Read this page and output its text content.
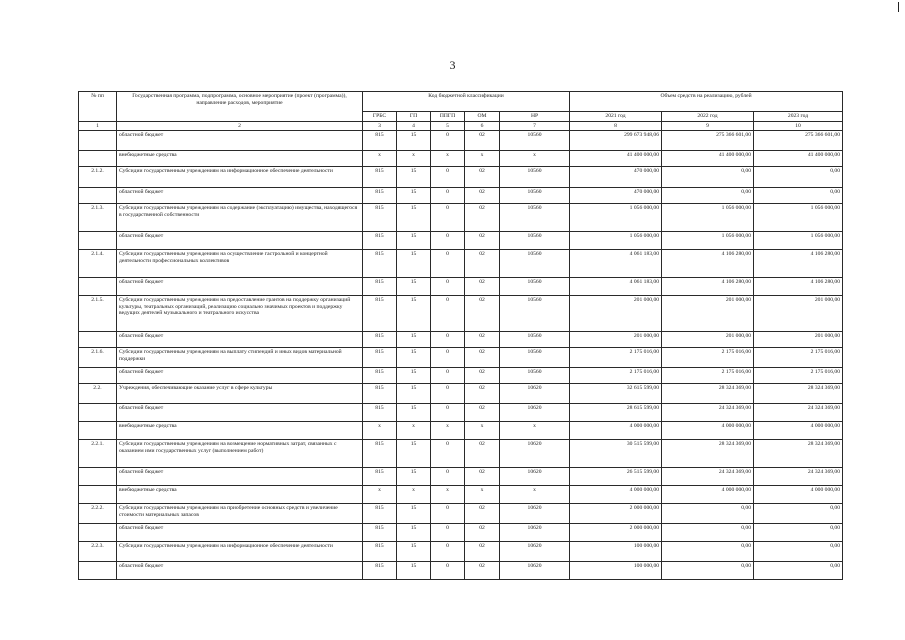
3
№ пп	Государственная программа, подпрограмма, основное мероприятие (проект (программа)), направление расходов, мероприятие	Код бюджетной классификации					Объем средств на реализацию, рублей		
		ГРБС	ГП	ППГП	ОМ	НР	2021 год	2022 год	2023 год
1	2	3	4	5	6	7	8	9	10
	областной бюджет	815	15	0	02	10560	299 673 948,06	275 366 601,00	275 366 601,00
	внебюджетные средства	х	х	х	х	х	41 400 000,00	41 400 000,00	41 400 000,00
2.1.2.	Субсидии государственным учреждениям на информационное обеспечение деятельности	815	15	0	02	10560	470 000,00	0,00	0,00
	областной бюджет	815	15	0	02	10560	470 000,00	0,00	0,00
2.1.3.	Субсидии государственным учреждениям на содержание (эксплуатацию) имущества, находящегося в государственной собственности	815	15	0	02	10560	1 056 000,00	1 056 000,00	1 056 000,00
	областной бюджет	815	15	0	02	10560	1 056 000,00	1 056 000,00	1 056 000,00
2.1.4.	Субсидии государственным учреждениям на осуществление гастрольной и концертной деятельности профессиональных коллективов	815	15	0	02	10560	4 061 183,00	4 106 280,00	4 106 280,00
	областной бюджет	815	15	0	02	10560	4 061 183,00	4 106 280,00	4 106 280,00
2.1.5.	Субсидии государственным учреждениям на предоставление грантов на поддержку организаций культуры, театральных организаций, реализацию социально значимых проектов и поддержку ведущих деятелей музыкального и театрального искусства	815	15	0	02	10560	201 000,00	201 000,00	201 000,00
	областной бюджет	815	15	0	02	10560	201 000,00	201 000,00	201 000,00
2.1.6.	Субсидии государственным учреждениям на выплату стипендий и иных видов материальной поддержки	815	15	0	02	10560	2 175 016,00	2 175 016,00	2 175 016,00
	областной бюджет	815	15	0	02	10560	2 175 016,00	2 175 016,00	2 175 016,00
2.2.	Учреждения, обеспечивающие оказание услуг в сфере культуры	815	15	0	02	10620	32 615 599,00	28 324 369,00	28 324 369,00
	областной бюджет	815	15	0	02	10620	28 615 599,00	24 324 369,00	24 324 369,00
	внебюджетные средства	х	х	х	х	х	4 000 000,00	4 000 000,00	4 000 000,00
2.2.1.	Субсидии государственным учреждениям на возмещение нормативных затрат, связанных с оказанием ими государственных услуг (выполнением работ)	815	15	0	02	10620	30 515 599,00	28 324 369,00	28 324 369,00
	областной бюджет	815	15	0	02	10620	26 515 599,00	24 324 369,00	24 324 369,00
	внебюджетные средства	х	х	х	х	х	4 000 000,00	4 000 000,00	4 000 000,00
2.2.2.	Субсидии государственным учреждениям на приобретение основных средств и увеличение стоимости материальных запасов	815	15	0	02	10620	2 000 000,00	0,00	0,00
	областной бюджет	815	15	0	02	10620	2 000 000,00	0,00	0,00
2.2.3.	Субсидии государственным учреждениям на информационное обеспечение деятельности	815	15	0	02	10620	100 000,00	0,00	0,00
	областной бюджет	815	15	0	02	10620	100 000,00	0,00	0,00
